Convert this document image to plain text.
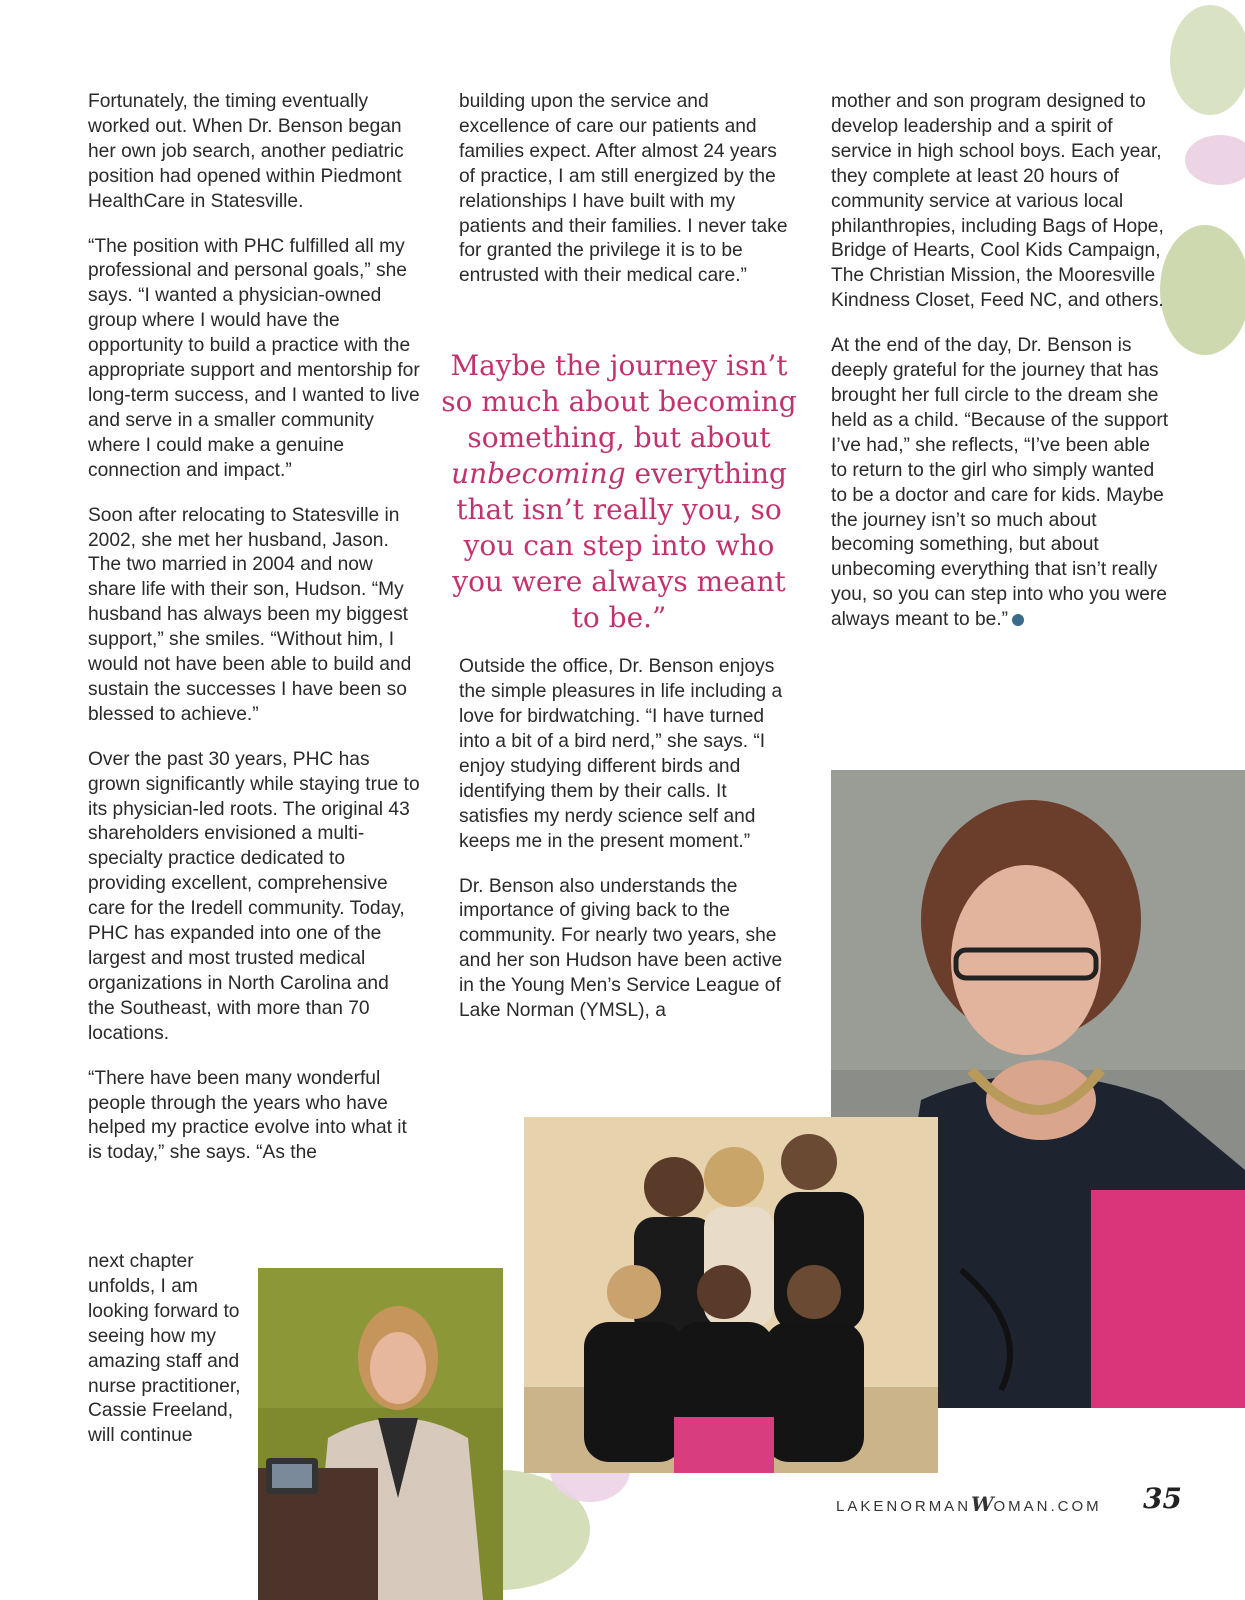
Fortunately, the timing eventually worked out. When Dr. Benson began her own job search, another pediatric position had opened within Piedmont HealthCare in Statesville.

“The position with PHC fulfilled all my professional and personal goals,” she says. “I wanted a physician-owned group where I would have the opportunity to build a practice with the appropriate support and mentorship for long-term success, and I wanted to live and serve in a smaller community where I could make a genuine connection and impact.”

Soon after relocating to Statesville in 2002, she met her husband, Jason. The two married in 2004 and now share life with their son, Hudson. “My husband has always been my biggest support,” she smiles. “Without him, I would not have been able to build and sustain the successes I have been so blessed to achieve.”

Over the past 30 years, PHC has grown significantly while staying true to its physician-led roots. The original 43 shareholders envisioned a multi-specialty practice dedicated to providing excellent, comprehensive care for the Iredell community. Today, PHC has expanded into one of the largest and most trusted medical organizations in North Carolina and the Southeast, with more than 70 locations.

“There have been many wonderful people through the years who have helped my practice evolve into what it is today,” she says. “As the

next chapter unfolds, I am looking forward to seeing how my amazing staff and nurse practitioner, Cassie Freeland, will continue

building upon the service and excellence of care our patients and families expect. After almost 24 years of practice, I am still energized by the relationships I have built with my patients and their families. I never take for granted the privilege it is to be entrusted with their medical care.”

Outside the office, Dr. Benson enjoys the simple pleasures in life including a love for birdwatching. “I have turned into a bit of a bird nerd,” she says. “I enjoy studying different birds and identifying them by their calls. It satisfies my nerdy science self and keeps me in the present moment.”

Dr. Benson also understands the importance of giving back to the community. For nearly two years, she and her son Hudson have been active in the Young Men’s Service League of Lake Norman (YMSL), a

Maybe the journey isn’t so much about becoming something, but about unbecoming everything that isn’t really you, so you can step into who you were always meant to be.”

mother and son program designed to develop leadership and a spirit of service in high school boys. Each year, they complete at least 20 hours of community service at various local philanthropies, including Bags of Hope, Bridge of Hearts, Cool Kids Campaign, The Christian Mission, the Mooresville Kindness Closet, Feed NC, and others.

At the end of the day, Dr. Benson is deeply grateful for the journey that has brought her full circle to the dream she held as a child. “Because of the support I’ve had,” she reflects, “I’ve been able to return to the girl who simply wanted to be a doctor and care for kids. Maybe the journey isn’t so much about becoming something, but about unbecoming everything that isn’t really you, so you can step into who you were always meant to be.”

LAKENORMANWOMAN.COM 35
